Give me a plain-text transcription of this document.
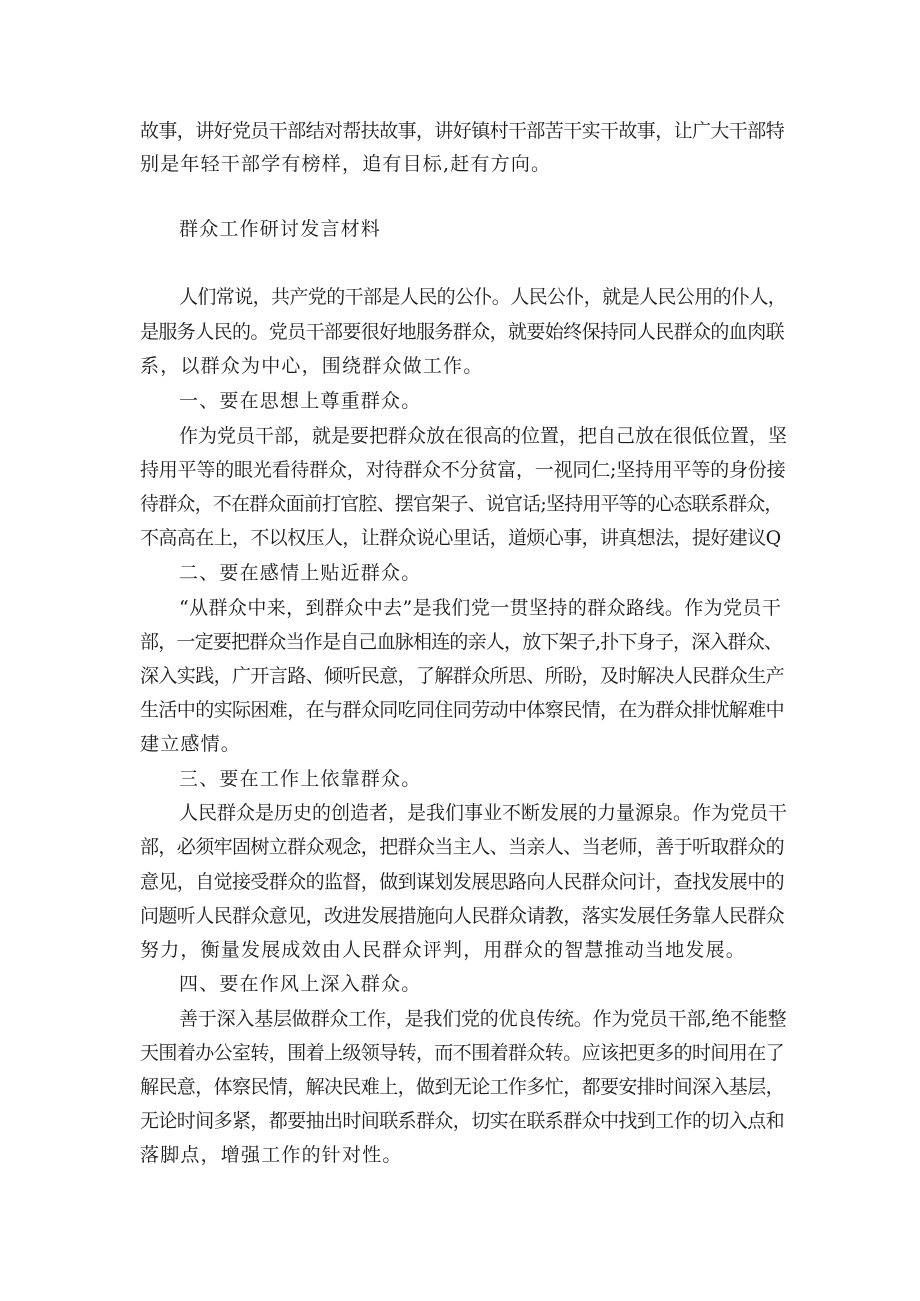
故事，讲好党员干部结对帮扶故事，讲好镇村干部苦干实干故事，让广大干部特
别是年轻干部学有榜样，追有目标,赶有方向。
群众工作研讨发言材料
人们常说，共产党的干部是人民的公仆。人民公仆，就是人民公用的仆人，
是服务人民的。党员干部要很好地服务群众，就要始终保持同人民群众的血肉联
系，以群众为中心，围绕群众做工作。
一、要在思想上尊重群众。
作为党员干部，就是要把群众放在很高的位置，把自己放在很低位置，坚
持用平等的眼光看待群众，对待群众不分贫富，一视同仁;坚持用平等的身份接
待群众，不在群众面前打官腔、摆官架子、说官话;坚持用平等的心态联系群众，
不高高在上，不以权压人，让群众说心里话，道烦心事，讲真想法，提好建议Q
二、要在感情上贴近群众。
“从群众中来，到群众中去”是我们党一贯坚持的群众路线。作为党员干
部，一定要把群众当作是自己血脉相连的亲人，放下架子,扑下身子，深入群众、
深入实践，广开言路、倾听民意，了解群众所思、所盼，及时解决人民群众生产
生活中的实际困难，在与群众同吃同住同劳动中体察民情，在为群众排忧解难中
建立感情。
三、要在工作上依靠群众。
人民群众是历史的创造者，是我们事业不断发展的力量源泉。作为党员干
部，必须牢固树立群众观念，把群众当主人、当亲人、当老师，善于听取群众的
意见，自觉接受群众的监督，做到谋划发展思路向人民群众问计，查找发展中的
问题听人民群众意见，改进发展措施向人民群众请教，落实发展任务靠人民群众
努力，衡量发展成效由人民群众评判，用群众的智慧推动当地发展。
四、要在作风上深入群众。
善于深入基层做群众工作，是我们党的优良传统。作为党员干部,绝不能整
天围着办公室转，围着上级领导转，而不围着群众转。应该把更多的时间用在了
解民意，体察民情，解决民难上，做到无论工作多忙，都要安排时间深入基层，
无论时间多紧，都要抽出时间联系群众，切实在联系群众中找到工作的切入点和
落脚点，增强工作的针对性。
